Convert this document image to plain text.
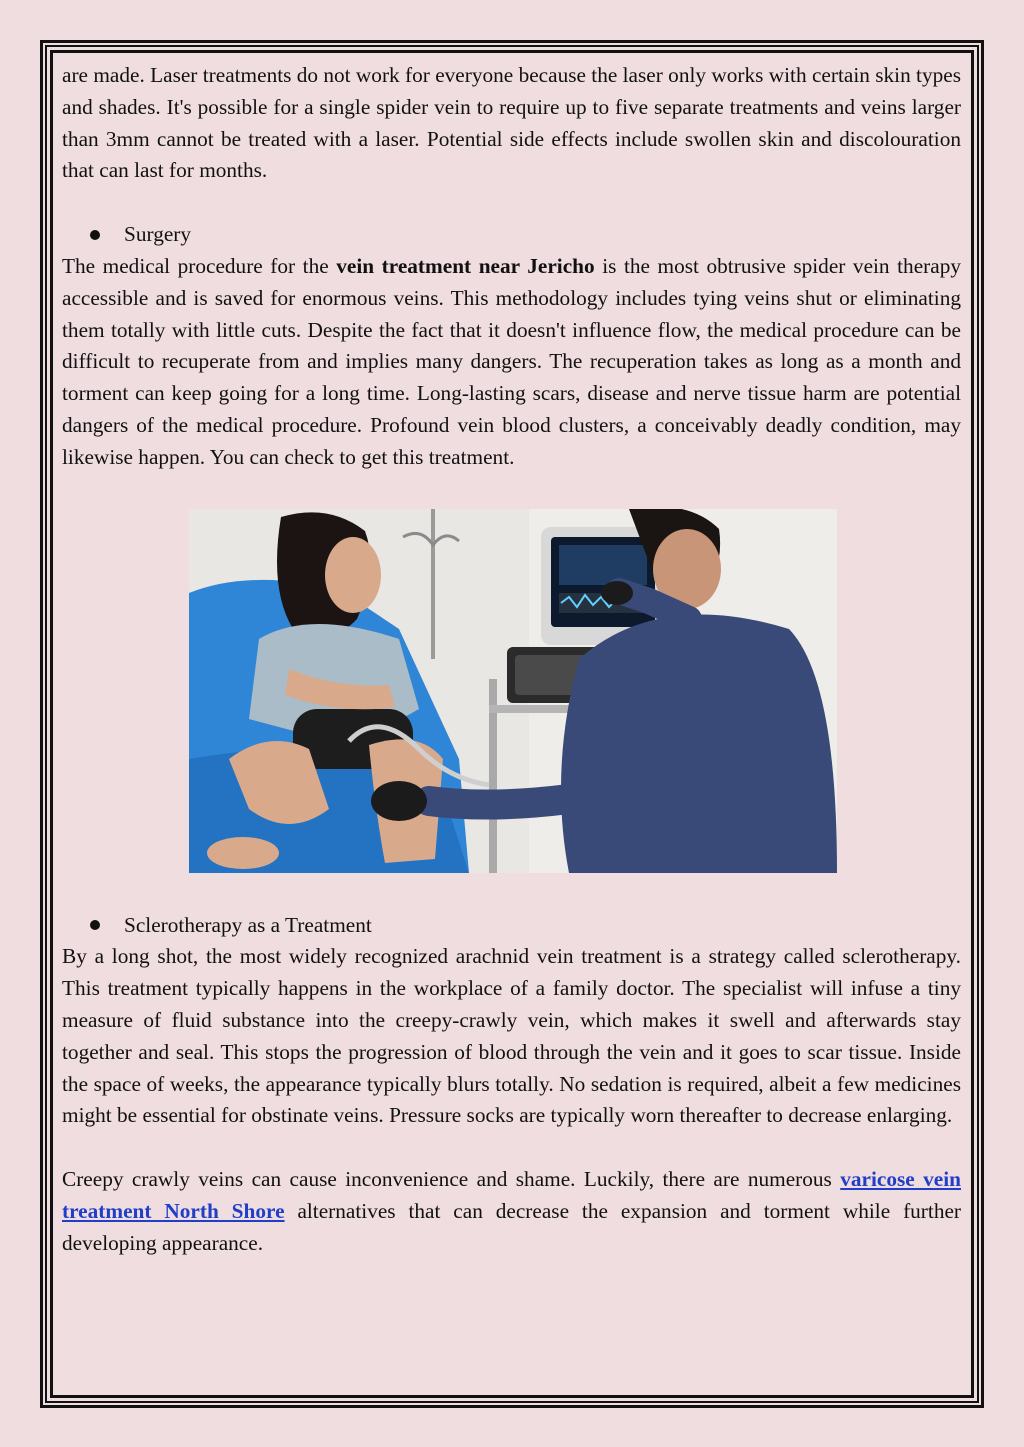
are made. Laser treatments do not work for everyone because the laser only works with certain skin types and shades. It's possible for a single spider vein to require up to five separate treatments and veins larger than 3mm cannot be treated with a laser. Potential side effects include swollen skin and discolouration that can last for months.

Surgery

The medical procedure for the vein treatment near Jericho is the most obtrusive spider vein therapy accessible and is saved for enormous veins. This methodology includes tying veins shut or eliminating them totally with little cuts. Despite the fact that it doesn't influence flow, the medical procedure can be difficult to recuperate from and implies many dangers. The recuperation takes as long as a month and torment can keep going for a long time. Long-lasting scars, disease and nerve tissue harm are potential dangers of the medical procedure. Profound vein blood clusters, a conceivably deadly condition, may likewise happen. You can check to get this treatment.

Sclerotherapy as a Treatment

By a long shot, the most widely recognized arachnid vein treatment is a strategy called sclerotherapy. This treatment typically happens in the workplace of a family doctor. The specialist will infuse a tiny measure of fluid substance into the creepy-crawly vein, which makes it swell and afterwards stay together and seal. This stops the progression of blood through the vein and it goes to scar tissue. Inside the space of weeks, the appearance typically blurs totally. No sedation is required, albeit a few medicines might be essential for obstinate veins. Pressure socks are typically worn thereafter to decrease enlarging.

Creepy crawly veins can cause inconvenience and shame. Luckily, there are numerous varicose vein treatment North Shore alternatives that can decrease the expansion and torment while further developing appearance.
